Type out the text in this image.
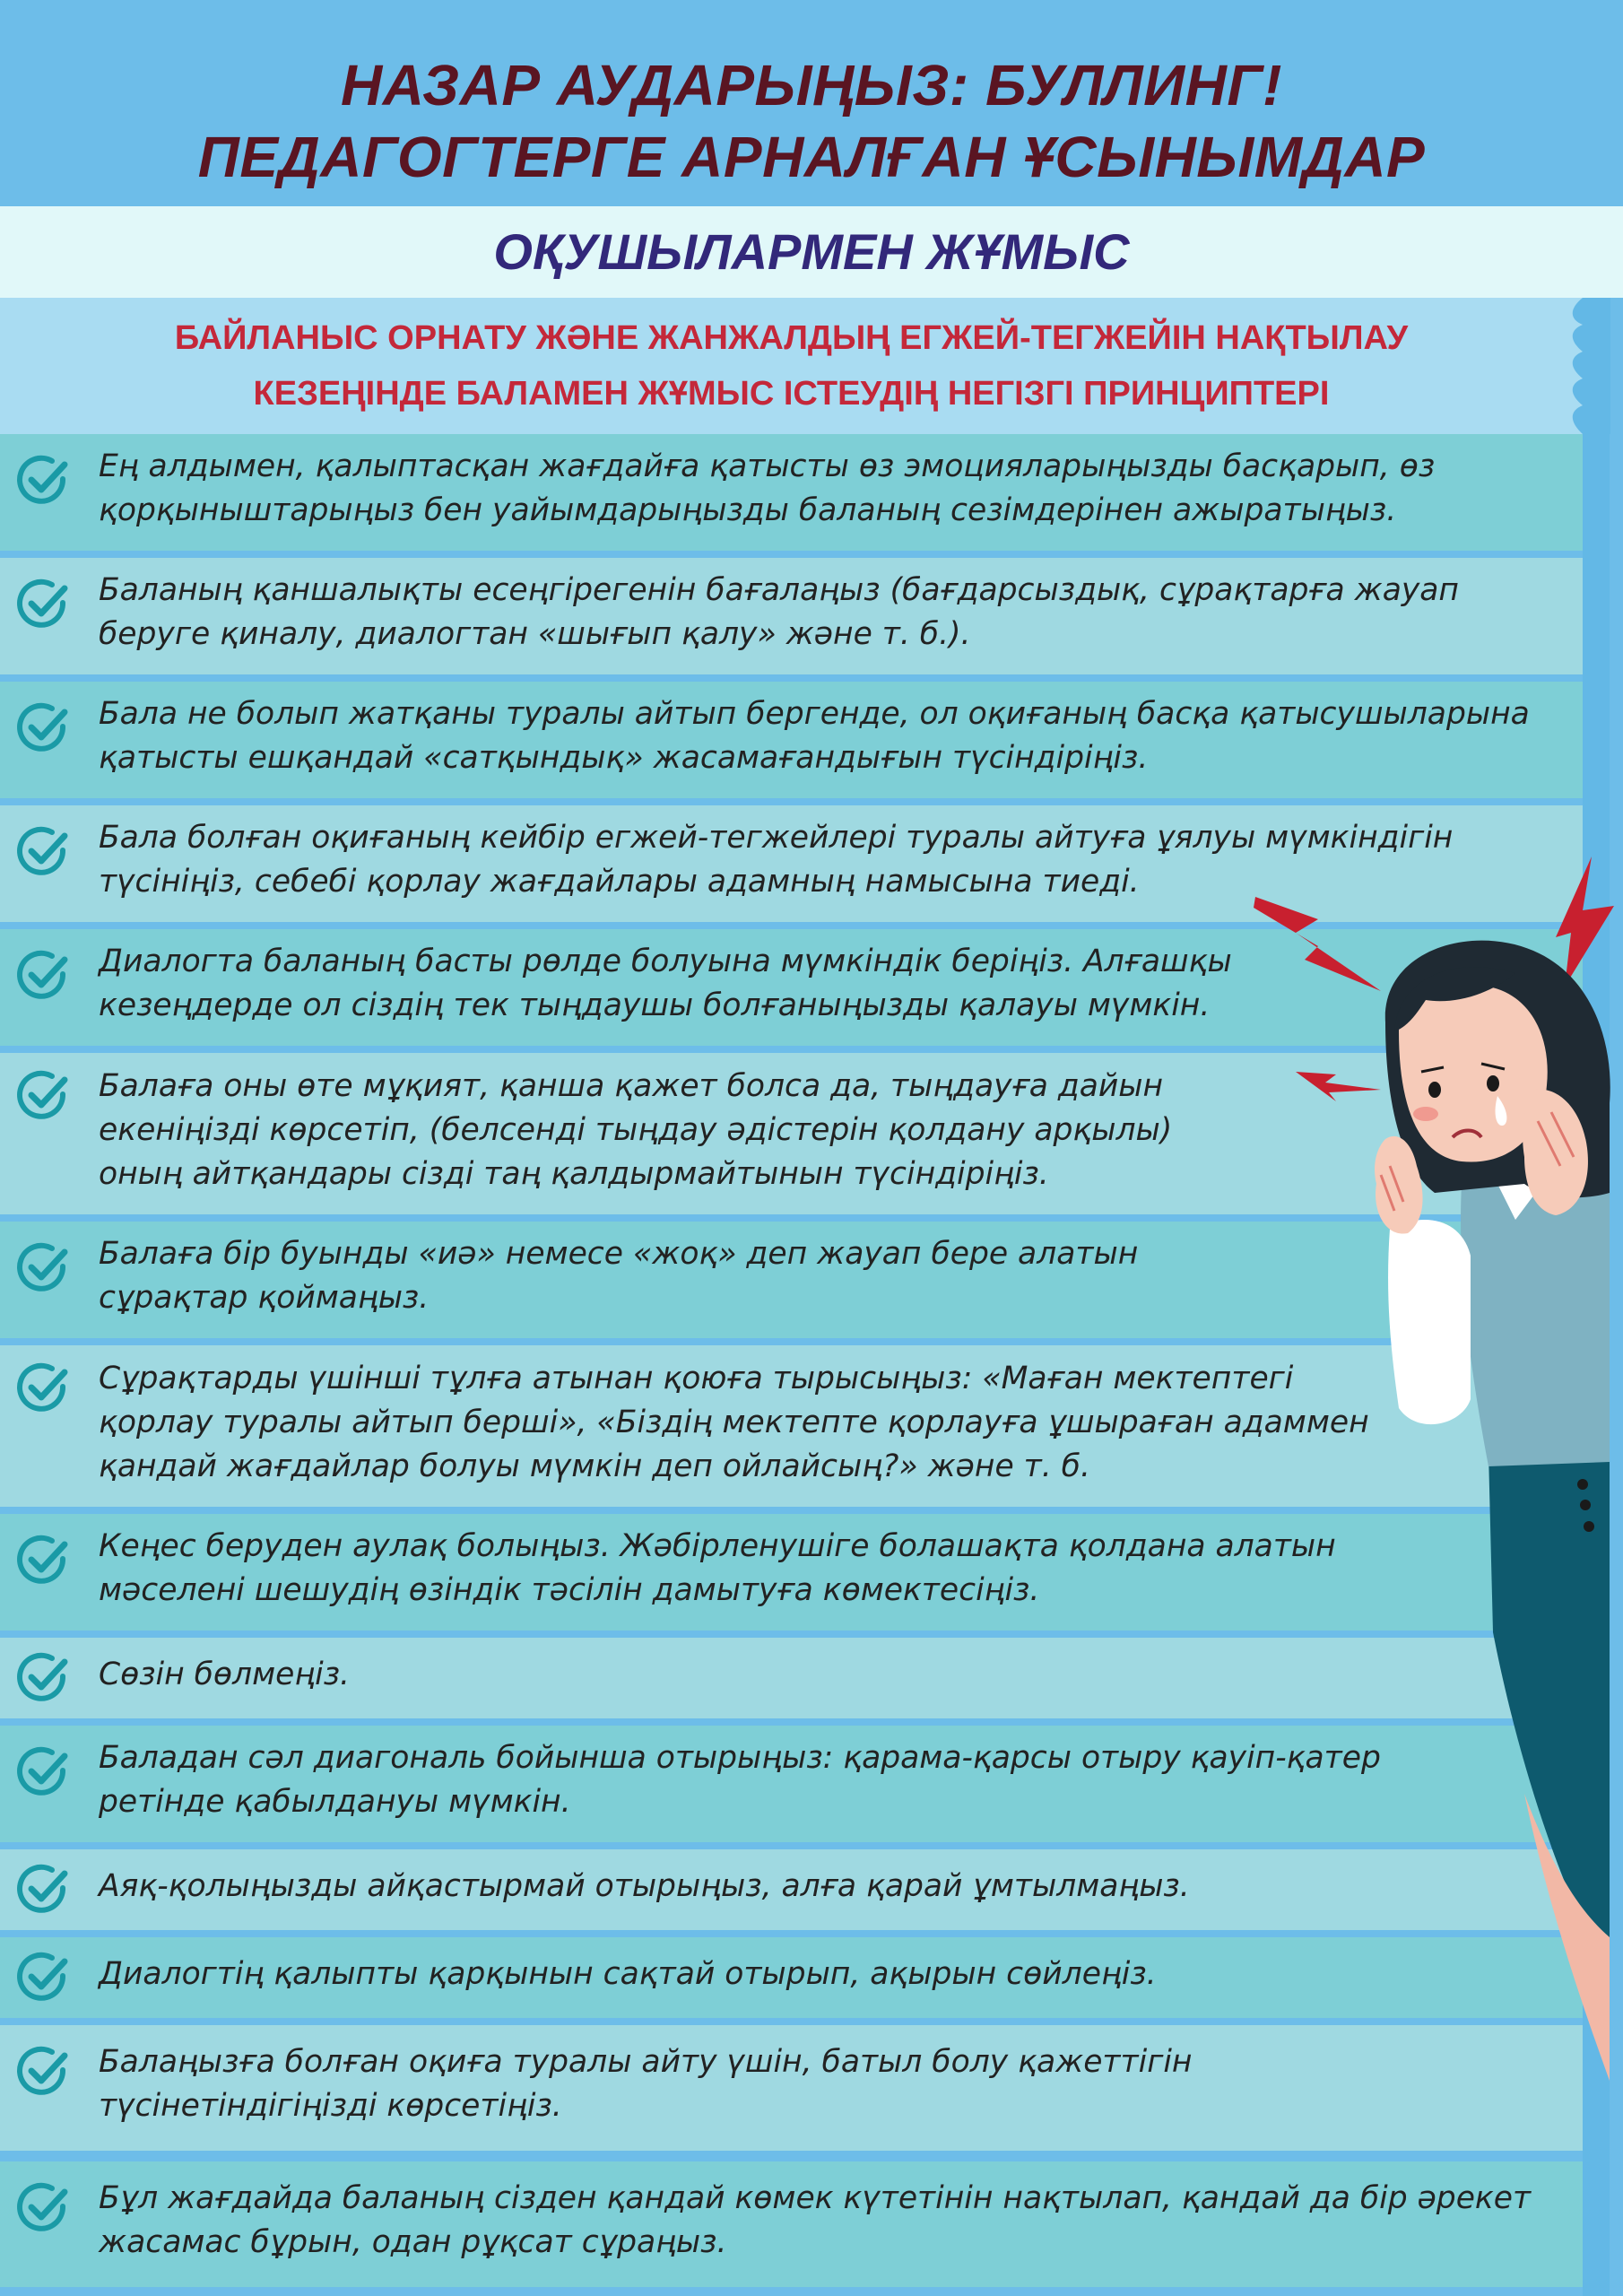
НАЗАР АУДАРЫҢЫЗ: БУЛЛИНГ!
ПЕДАГОГТЕРГЕ АРНАЛҒАН ҰСЫНЫМДАР
ОҚУШЫЛАРМЕН ЖҰМЫС
БАЙЛАНЫС ОРНАТУ ЖӘНЕ ЖАНЖАЛДЫҢ ЕГЖЕЙ-ТЕГЖЕЙІН НАҚТЫЛАУ
КЕЗЕҢІНДЕ БАЛАМЕН ЖҰМЫС ІСТЕУДІҢ НЕГІЗГІ ПРИНЦИПТЕРІ
Ең алдымен, қалыптасқан жағдайға қатысты өз эмоцияларыңызды басқарып, өз
қорқыныштарыңыз бен уайымдарыңызды баланың сезімдерінен ажыратыңыз.
Баланың қаншалықты есеңгірегенін бағалаңыз (бағдарсыздық, сұрақтарға жауап
беруге қиналу, диалогтан «шығып қалу» және т. б.).
Бала не болып жатқаны туралы айтып бергенде, ол оқиғаның басқа қатысушыларына
қатысты ешқандай «сатқындық» жасамағандығын түсіндіріңіз.
Бала болған оқиғаның кейбір егжей-тегжейлері туралы айтуға ұялуы мүмкіндігін
түсініңіз, себебі қорлау жағдайлары адамның намысына тиеді.
Диалогта баланың басты рөлде болуына мүмкіндік беріңіз. Алғашқы
кезеңдерде ол сіздің тек тыңдаушы болғаныңызды қалауы мүмкін.
Балаға оны өте мұқият, қанша қажет болса да, тыңдауға дайын
екеніңізді көрсетіп, (белсенді тыңдау әдістерін қолдану арқылы)
оның айтқандары сізді таң қалдырмайтынын түсіндіріңіз.
Балаға бір буынды «иә» немесе «жоқ» деп жауап бере алатын
сұрақтар қоймаңыз.
Сұрақтарды үшінші тұлға атынан қоюға тырысыңыз: «Маған мектептегі
қорлау туралы айтып берші», «Біздің мектепте қорлауға ұшыраған адаммен
қандай жағдайлар болуы мүмкін деп ойлайсың?» және т. б.
Кеңес беруден аулақ болыңыз. Жәбірленушіге болашақта қолдана алатын
мәселені шешудің өзіндік тәсілін дамытуға көмектесіңіз.
Сөзін бөлмеңіз.
Баладан сәл диагональ бойынша отырыңыз: қарама-қарсы отыру қауіп-қатер
ретінде қабылдануы мүмкін.
Аяқ-қолыңызды айқастырмай отырыңыз, алға қарай ұмтылмаңыз.
Диалогтің қалыпты қарқынын сақтай отырып, ақырын сөйлеңіз.
Балаңызға болған оқиға туралы айту үшін, батыл болу қажеттігін
түсінетіндігіңізді көрсетіңіз.
Бұл жағдайда баланың сізден қандай көмек күтетінін нақтылап, қандай да бір әрекет
жасамас бұрын, одан рұқсат сұраңыз.
